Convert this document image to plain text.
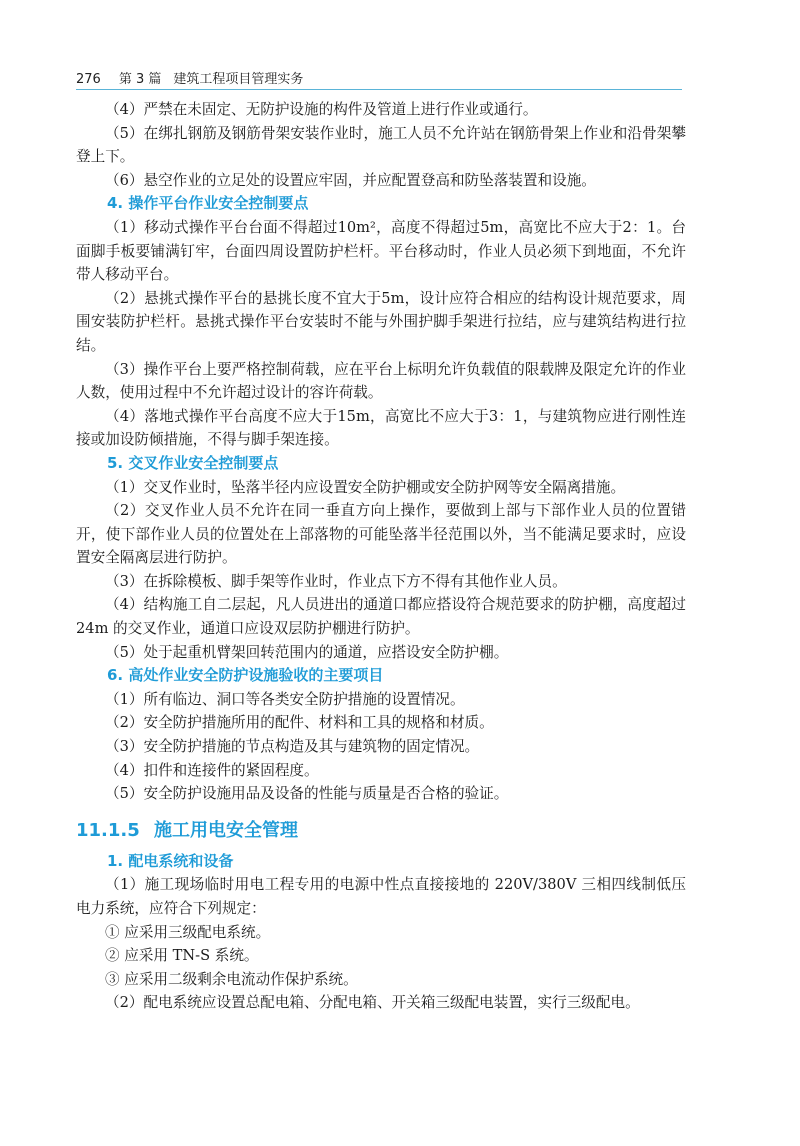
276 第 3 篇 建筑工程项目管理实务

（4）严禁在未固定、无防护设施的构件及管道上进行作业或通行。

（5）在绑扎钢筋及钢筋骨架安装作业时，施工人员不允许站在钢筋骨架上作业和沿骨架攀登上下。

（6）悬空作业的立足处的设置应牢固，并应配置登高和防坠落装置和设施。

4. 操作平台作业安全控制要点

（1）移动式操作平台台面不得超过10m²，高度不得超过5m，高宽比不应大于2：1。台面脚手板要铺满钉牢，台面四周设置防护栏杆。平台移动时，作业人员必须下到地面，不允许带人移动平台。

（2）悬挑式操作平台的悬挑长度不宜大于5m，设计应符合相应的结构设计规范要求，周围安装防护栏杆。悬挑式操作平台安装时不能与外围护脚手架进行拉结，应与建筑结构进行拉结。

（3）操作平台上要严格控制荷载，应在平台上标明允许负载值的限载牌及限定允许的作业人数，使用过程中不允许超过设计的容许荷载。

（4）落地式操作平台高度不应大于15m，高宽比不应大于3：1，与建筑物应进行刚性连接或加设防倾措施，不得与脚手架连接。

5. 交叉作业安全控制要点

（1）交叉作业时，坠落半径内应设置安全防护棚或安全防护网等安全隔离措施。

（2）交叉作业人员不允许在同一垂直方向上操作，要做到上部与下部作业人员的位置错开，使下部作业人员的位置处在上部落物的可能坠落半径范围以外，当不能满足要求时，应设置安全隔离层进行防护。

（3）在拆除模板、脚手架等作业时，作业点下方不得有其他作业人员。

（4）结构施工自二层起，凡人员进出的通道口都应搭设符合规范要求的防护棚，高度超过 24m 的交叉作业，通道口应设双层防护棚进行防护。

（5）处于起重机臂架回转范围内的通道，应搭设安全防护棚。

6. 高处作业安全防护设施验收的主要项目

（1）所有临边、洞口等各类安全防护措施的设置情况。

（2）安全防护措施所用的配件、材料和工具的规格和材质。

（3）安全防护措施的节点构造及其与建筑物的固定情况。

（4）扣件和连接件的紧固程度。

（5）安全防护设施用品及设备的性能与质量是否合格的验证。

11.1.5 施工用电安全管理
1. 配电系统和设备

（1）施工现场临时用电工程专用的电源中性点直接接地的 220V/380V 三相四线制低压电力系统，应符合下列规定：

① 应采用三级配电系统。

② 应采用 TN-S 系统。

③ 应采用二级剩余电流动作保护系统。

（2）配电系统应设置总配电箱、分配电箱、开关箱三级配电装置，实行三级配电。
